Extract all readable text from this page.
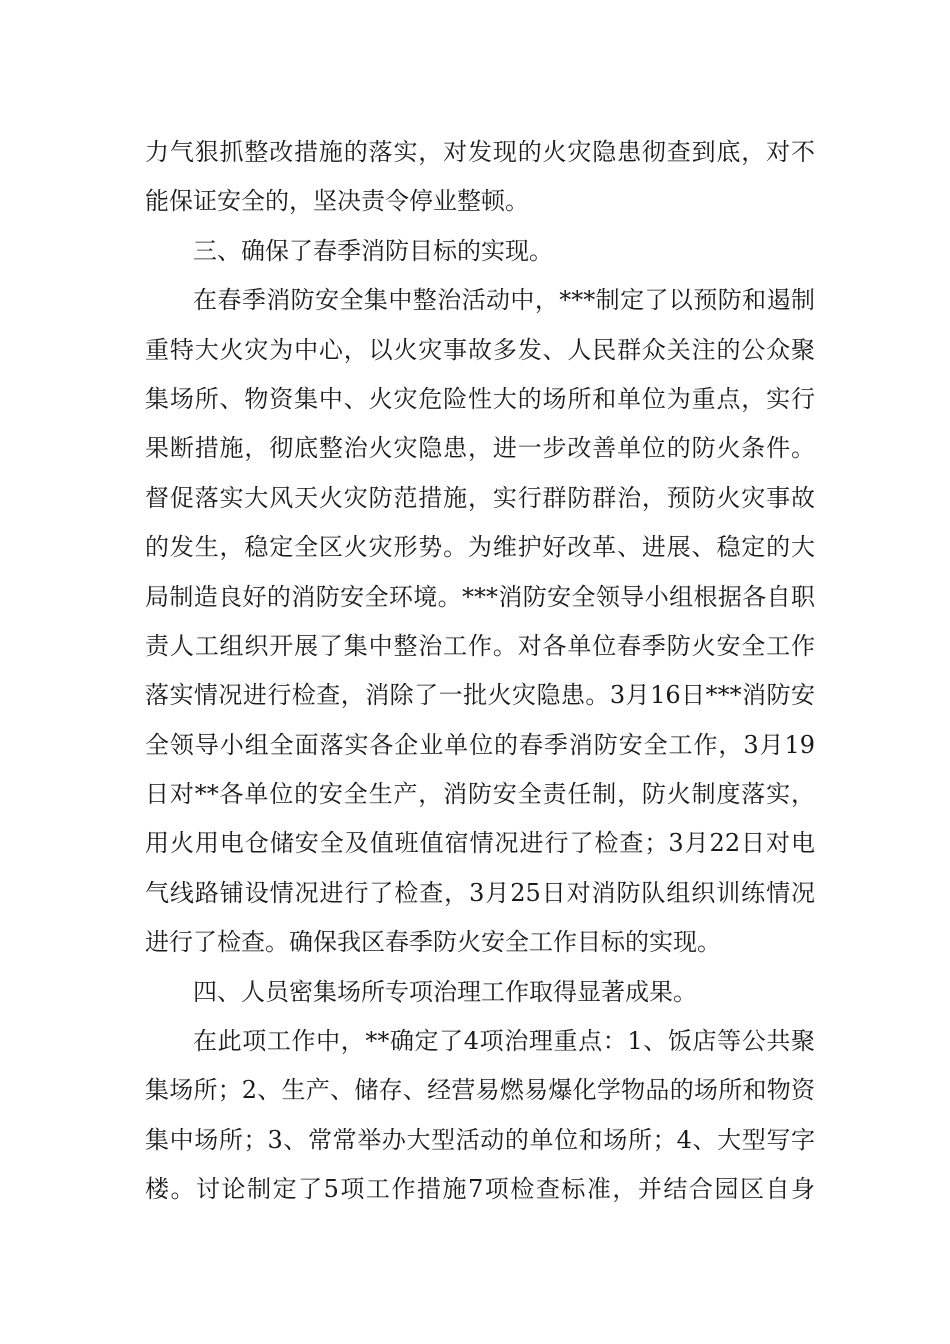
力气狠抓整改措施的落实，对发现的火灾隐患彻查到底，对不
能保证安全的，坚决责令停业整顿。
三、确保了春季消防目标的实现。
在春季消防安全集中整治活动中，***制定了以预防和遏制
重特大火灾为中心，以火灾事故多发、人民群众关注的公众聚
集场所、物资集中、火灾危险性大的场所和单位为重点，实行
果断措施，彻底整治火灾隐患，进一步改善单位的防火条件。
督促落实大风天火灾防范措施，实行群防群治，预防火灾事故
的发生，稳定全区火灾形势。为维护好改革、进展、稳定的大
局制造良好的消防安全环境。***消防安全领导小组根据各自职
责人工组织开展了集中整治工作。对各单位春季防火安全工作
落实情况进行检查，消除了一批火灾隐患。3月16日***消防安
全领导小组全面落实各企业单位的春季消防安全工作，3月19
日对**各单位的安全生产，消防安全责任制，防火制度落实，
用火用电仓储安全及值班值宿情况进行了检查；3月22日对电
气线路铺设情况进行了检查，3月25日对消防队组织训练情况
进行了检查。确保我区春季防火安全工作目标的实现。
四、人员密集场所专项治理工作取得显著成果。
在此项工作中，**确定了4项治理重点：1、饭店等公共聚
集场所；2、生产、储存、经营易燃易爆化学物品的场所和物资
集中场所；3、常常举办大型活动的单位和场所；4、大型写字
楼。讨论制定了5项工作措施7项检查标准，并结合园区自身
